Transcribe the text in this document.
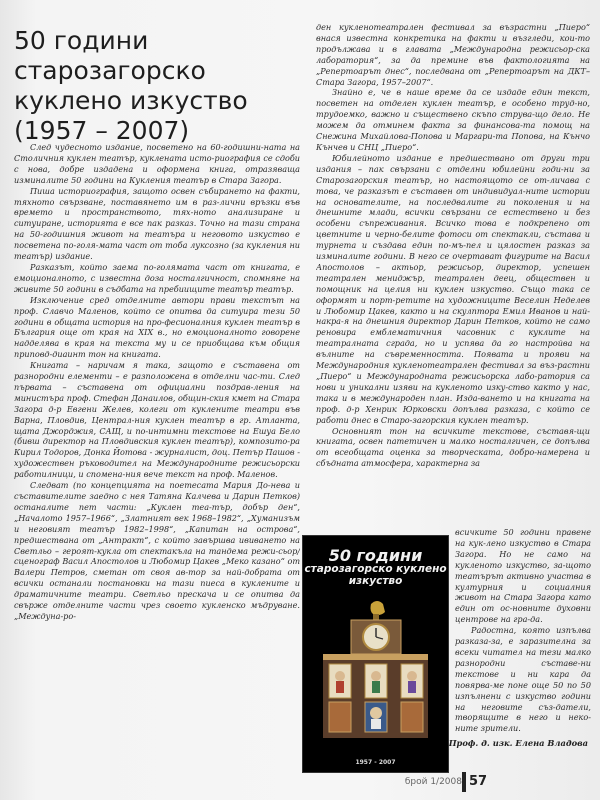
50 години
старозагорско
кукленo изкуство
(1957 – 2007)

След чудесното издание, посветено на 60-годишни-ната на Столичния куклен театър, куклената исто-риография се сдоби с нова, добре издадена и оформена книга, отразяваща изминалите 50 години на Кукления театър в Стара Загора.

Пиша историография, защото освен събирането на факти, тяхното свързване, поставянето им в раз-лични връзки във времето и пространството, тях-ното анализиране и ситуиране, историята е все пак разказ. Точно на тази страна на 50-годишния живот на театъра и неговото изкуство е посветена по-голя-мата част от тоба луксозно (за кукления ни театър) издание.

Разказът, който заема по-голямата част от книгата, е емоционалното, с известна доза носталгичност, спомняне на живите 50 години в съдбата на пребиищите театър театър.

Изключение сред отделните автори прави текстът на проф. Славчо Маленов, който се опитва да ситуира тези 50 години в общата история на про-фесионалния куклен театър в България още от края на XIX в., но емоционалното говорене надделява в края на текста му и се приобщава към общия приповд-диаинт тон на книгата.

Книгата – наричам я така, защото е съставена от разнородни елементи – е разположена в отделни час-ти. След първата – съставена от официални поздрав-ления на министъра проф. Стефан Данаилов, общин-ския кмет на Стара Загора д-р Евгени Желев, колеги от куклените театри във Варна, Пловдив, Централ-ния куклен театър в гр. Атланта, щата Джорджия, САЩ, и по-интимни текстове на Ешуа Бело (бивш директор на Пловдивския куклен театър), композито-ра Кирил Тодоров, Донка Йотова - журналист, доц. Петър Пашов - художествен ръководител на Международните режисьорски работилници, и спомена-ния вече текст на проф. Маленов.

Следват (по концепцията на поетесата Мария До-нева и съставителите заедно с нея Татяна Калчева и Дарин Петков) останалите пет части: „Куклен теа-тър, добър ден“, „Началото 1957–1966“, „Златният век 1968–1982“, „Хуманизъм и неговият театър 1982–1998“, „Капитан на острова“, предшествана от „Антракт“, с който завършва ививането на Светльо – героят-кукла от спектакъла на тандема режи-сьор/сценограф Васил Апостолов и Любомир Цакев „Меко казано“ от Валери Петров, сметан от своя ав-тор за най-добрата от всички останали постановки на тази пиеса в куклените и драматичните театри. Светльо прескача и се опитва да свърже отделните части чрез своето кукленско мъдруване. „Междуна-ро-

ден кукленотеатрален фестивал за възрастни „Пиеро“ внася известна конкретика на факти и възгледи, кои-то продължава и в главата „Международна режисьор-ска лаборатория“, за да премине във фактологията на „Репертоарът днес“, последвана от „Репертоарът на ДКТ–Стара Загора, 1957–2007“.

Знайно е, че в наше време да се издаде един текст, посветен на отделен куклен театър, е особено труд-но, трудоемко, важно и съществено скъпо струва-що дело. Не можем да отминем факта за финансова-та помощ на Снежина Михайлова-Попова и Маргари-та Попова, на Кънчо Кънчев и СНЦ „Пиеро“.

Юбилейното издание е предшествано от други три издания – пак свързани с отделни юбилейни годи-ни за Старозагорския театър, но настоящото се от-личава с това, че разказът е съставен от индивидуал-ните истории на основателите, на последвалите ги поколения и на днешните млади, всички свързани се естествено и без особени съпреживания. Всичко това е подкрепено от цветните и черно-белите фотоси от спектакли, състава и турнета и създава един по-мъ-пел и цялостен разказ за изминалите години. В него се очертават фигурите на Васил Апостолов – актьор, режисьор, директор, успешен театрален мениджър, театрален деец, обществен и помощник на целия ни куклен изкуство. Също така се оформят и порт-ретите на художниците Веселин Неделев и Любомир Цакев, както и на скулптора Емил Иванов и най-накра-я на днешния директор Дарин Петков, който не само реновира емблематичния часовник с куклите на театралната сграда, но и успява да го настройва на вълните на съвременността. Появата и прояви на Международния кукленотеатрален фестивал за въз-растни „Пиеро“ и Международната режисьорска лабо-ратория са нови и уникални изяви на кукленото изку-ство както у нас, така и в международен план. Изда-ването и на книгата на проф. д-р Хенрик Юрковски допълва разказа, с който се работи днес в Старо-загорския куклен театър.

Основният тон на всичките текстове, съставя-щи книгата, освен патетичен и малко носталгичен, се допълва от всеобщата оценка за творческата, добро-намерена и сбъдната атмосфера, характерна за

50 години
старозагорско куклено
изкуство
1957 - 2007

всичките 50 години правене на кук-лено изкуство в Стара Загора. Но не само на кукленото изкуство, за-щото театърът активно участва в културния и социалния живот на Стара Загора като един от ос-новните духовни центрове на гра-да.

Радостна, която изпълва разказа-за, е заразителна за всеки читател на тези малко разнородни съставе-ни текстове и ни кара да повярва-ме поне още 50 по 50 изпълнени с изкуство години на неговите съз-датели, творящите в него и неко-ните зрители.

Проф. д. изк. Елена Владова
брой 1/2008 57
